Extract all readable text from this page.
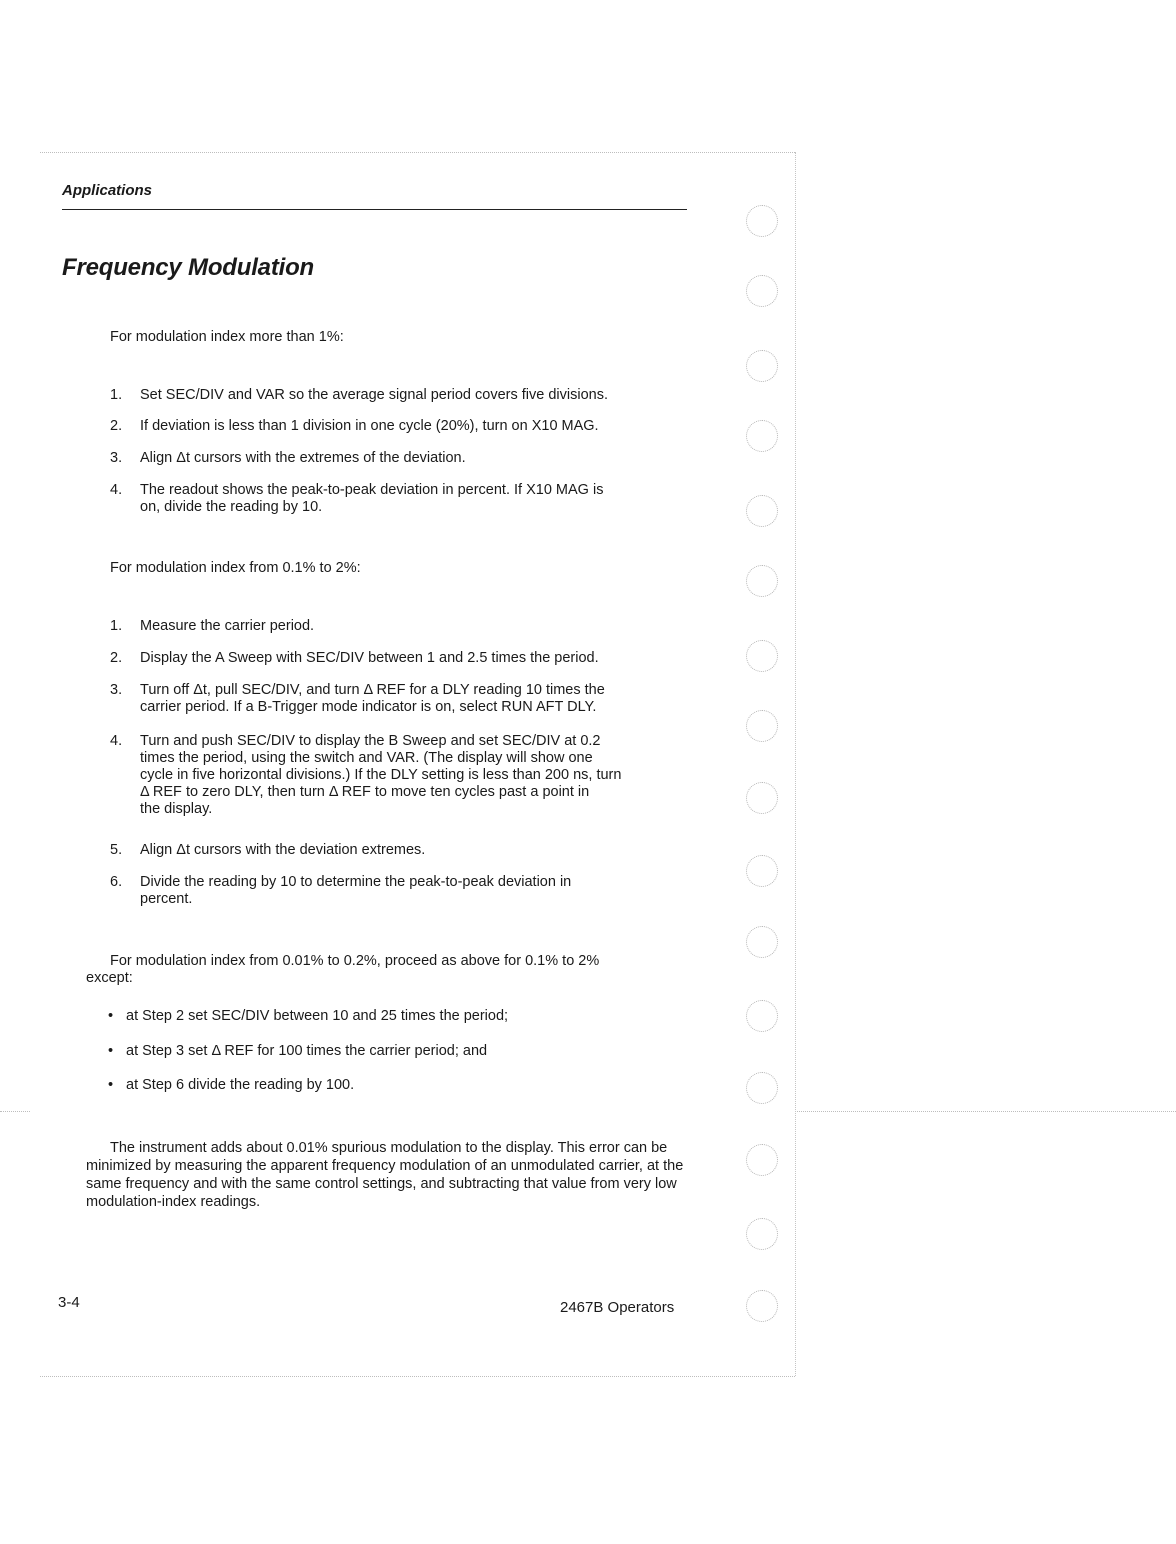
Applications
Frequency Modulation
For modulation index more than 1%:
1. Set SEC/DIV and VAR so the average signal period covers five divisions.
2. If deviation is less than 1 division in one cycle (20%), turn on X10 MAG.
3. Align Δt cursors with the extremes of the deviation.
4. The readout shows the peak-to-peak deviation in percent. If X10 MAG is
on, divide the reading by 10.
For modulation index from 0.1% to 2%:
1. Measure the carrier period.
2. Display the A Sweep with SEC/DIV between 1 and 2.5 times the period.
3. Turn off Δt, pull SEC/DIV, and turn Δ REF for a DLY reading 10 times the
carrier period. If a B-Trigger mode indicator is on, select RUN AFT DLY.
4. Turn and push SEC/DIV to display the B Sweep and set SEC/DIV at 0.2
times the period, using the switch and VAR. (The display will show one
cycle in five horizontal divisions.) If the DLY setting is less than 200 ns, turn
Δ REF to zero DLY, then turn Δ REF to move ten cycles past a point in
the display.
5. Align Δt cursors with the deviation extremes.
6. Divide the reading by 10 to determine the peak-to-peak deviation in
percent.
For modulation index from 0.01% to 0.2%, proceed as above for 0.1% to 2%
except:
• at Step 2 set SEC/DIV between 10 and 25 times the period;
• at Step 3 set Δ REF for 100 times the carrier period; and
• at Step 6 divide the reading by 100.
The instrument adds about 0.01% spurious modulation to the display. This error can be minimized by measuring the apparent frequency modulation of an unmodulated carrier, at the same frequency and with the same control settings, and subtracting that value from very low modulation-index readings.
3-4	2467B Operators
